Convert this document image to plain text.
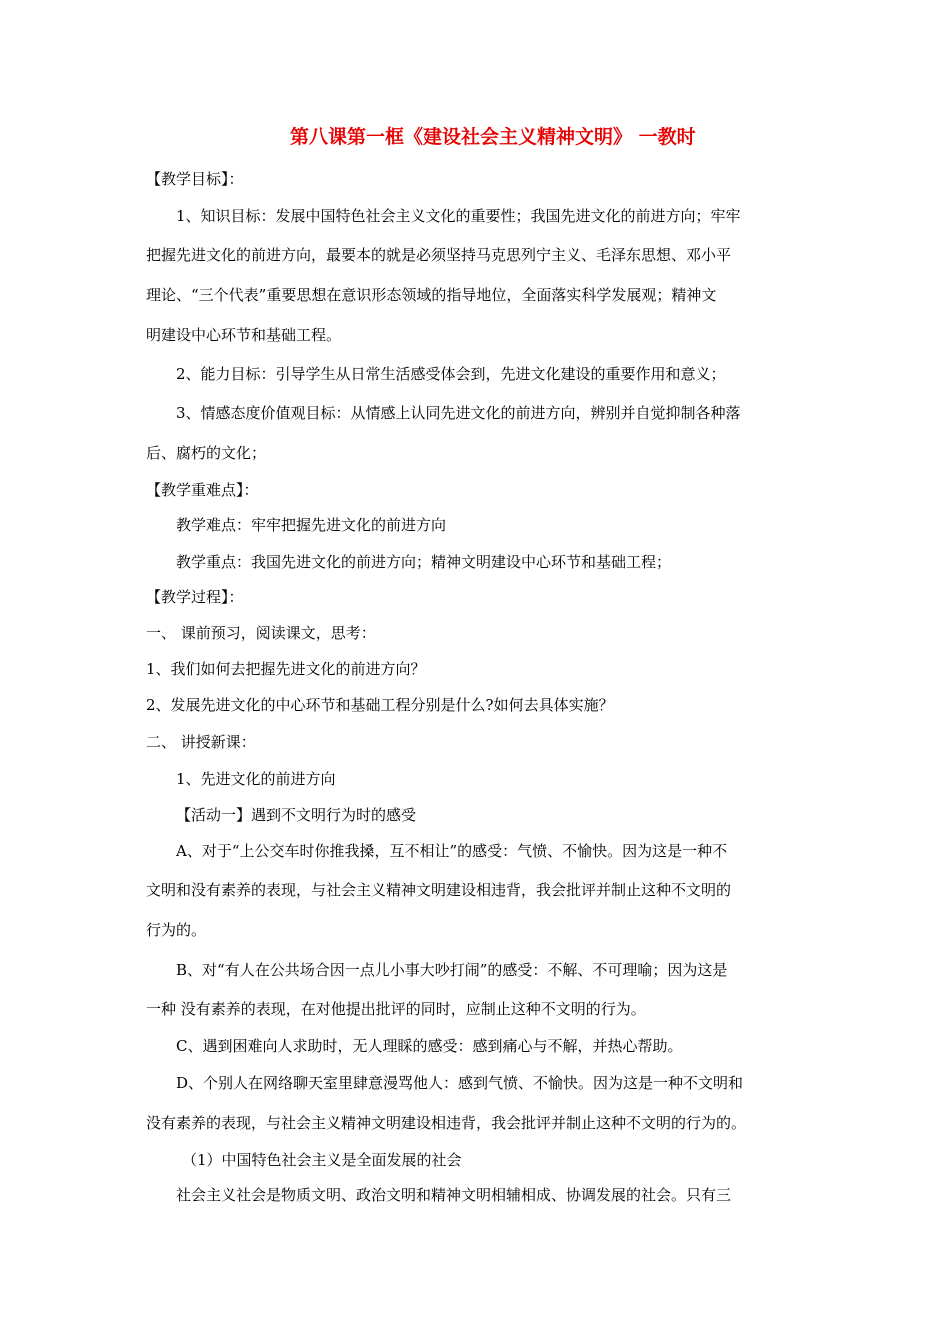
第八课第一框《建设社会主义精神文明》 一教时
【教学目标】：
1、知识目标：发展中国特色社会主义文化的重要性；我国先进文化的前进方向；牢牢
把握先进文化的前进方向，最要本的就是必须坚持马克思列宁主义、毛泽东思想、邓小平
理论、“三个代表”重要思想在意识形态领域的指导地位，全面落实科学发展观；精神文
明建设中心环节和基础工程。
2、能力目标：引导学生从日常生活感受体会到，先进文化建设的重要作用和意义；
3、情感态度价值观目标：从情感上认同先进文化的前进方向，辨别并自觉抑制各种落
后、腐朽的文化；
【教学重难点】：
教学难点：牢牢把握先进文化的前进方向
教学重点：我国先进文化的前进方向；精神文明建设中心环节和基础工程；
【教学过程】：
一、 课前预习，阅读课文，思考：
1、我们如何去把握先进文化的前进方向？
2、发展先进文化的中心环节和基础工程分别是什么?如何去具体实施？
二、 讲授新课：
1、先进文化的前进方向
【活动一】遇到不文明行为时的感受
A、对于“上公交车时你推我搡，互不相让”的感受：气愤、不愉快。因为这是一种不
文明和没有素养的表现，与社会主义精神文明建设相违背，我会批评并制止这种不文明的
行为的。
B、对“有人在公共场合因一点儿小事大吵打闹”的感受：不解、不可理喻；因为这是
一种 没有素养的表现，在对他提出批评的同时，应制止这种不文明的行为。
C、遇到困难向人求助时，无人理睬的感受：感到痛心与不解，并热心帮助。
D、个别人在网络聊天室里肆意漫骂他人：感到气愤、不愉快。因为这是一种不文明和
没有素养的表现，与社会主义精神文明建设相违背，我会批评并制止这种不文明的行为的。
（1）中国特色社会主义是全面发展的社会
社会主义社会是物质文明、政治文明和精神文明相辅相成、协调发展的社会。只有三
